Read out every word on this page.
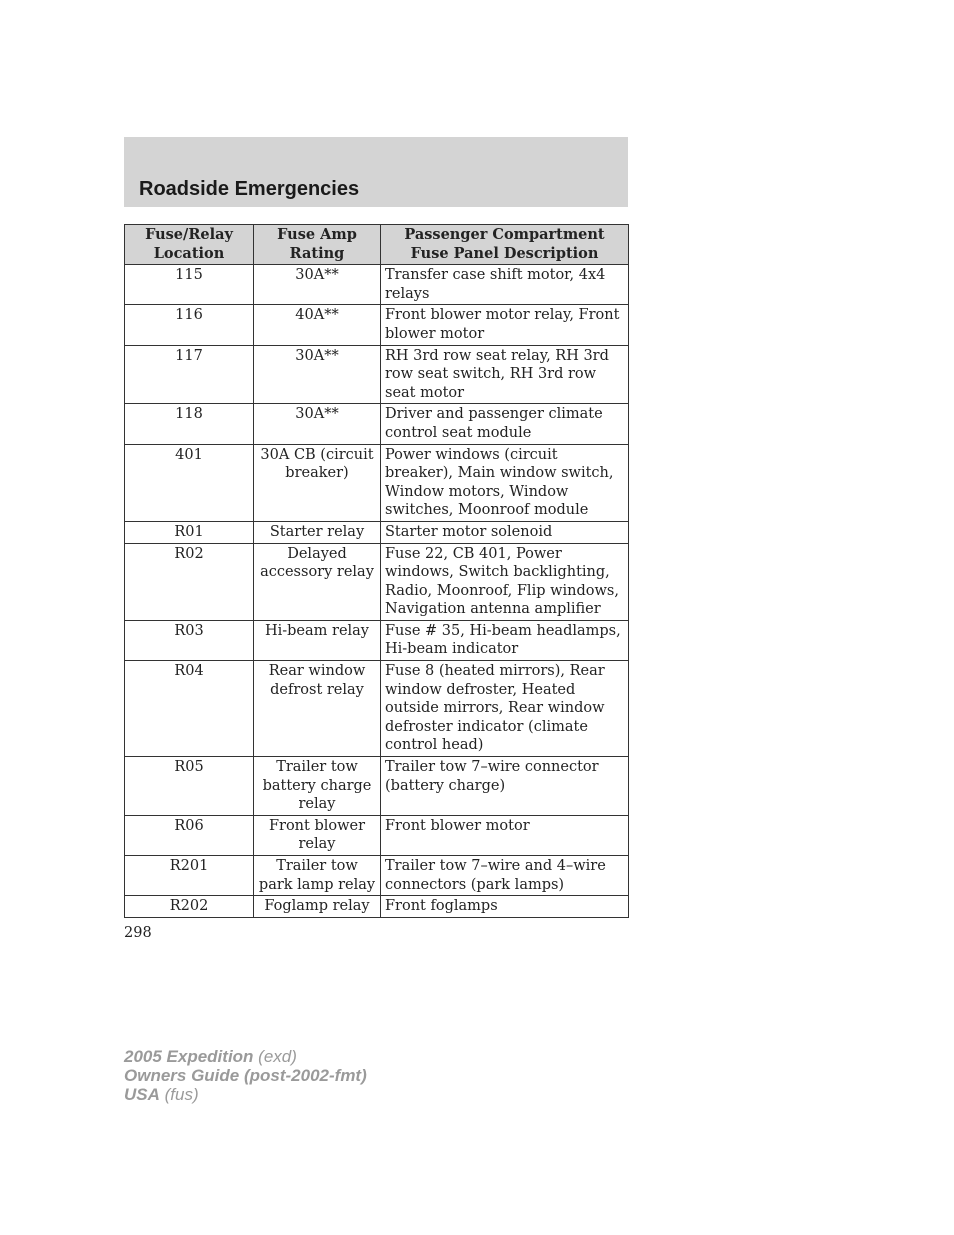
Roadside Emergencies
Fuse/Relay Location	Fuse Amp Rating	Passenger Compartment Fuse Panel Description
115	30A**	Transfer case shift motor, 4x4 relays
116	40A**	Front blower motor relay, Front blower motor
117	30A**	RH 3rd row seat relay, RH 3rd row seat switch, RH 3rd row seat motor
118	30A**	Driver and passenger climate control seat module
401	30A CB (circuit breaker)	Power windows (circuit breaker), Main window switch, Window motors, Window switches, Moonroof module
R01	Starter relay	Starter motor solenoid
R02	Delayed accessory relay	Fuse 22, CB 401, Power windows, Switch backlighting, Radio, Moonroof, Flip windows, Navigation antenna amplifier
R03	Hi-beam relay	Fuse # 35, Hi-beam headlamps, Hi-beam indicator
R04	Rear window defrost relay	Fuse 8 (heated mirrors), Rear window defroster, Heated outside mirrors, Rear window defroster indicator (climate control head)
R05	Trailer tow battery charge relay	Trailer tow 7–wire connector (battery charge)
R06	Front blower relay	Front blower motor
R201	Trailer tow park lamp relay	Trailer tow 7–wire and 4–wire connectors (park lamps)
R202	Foglamp relay	Front foglamps
298
2005 Expedition (exd)
Owners Guide (post-2002-fmt)
USA (fus)
